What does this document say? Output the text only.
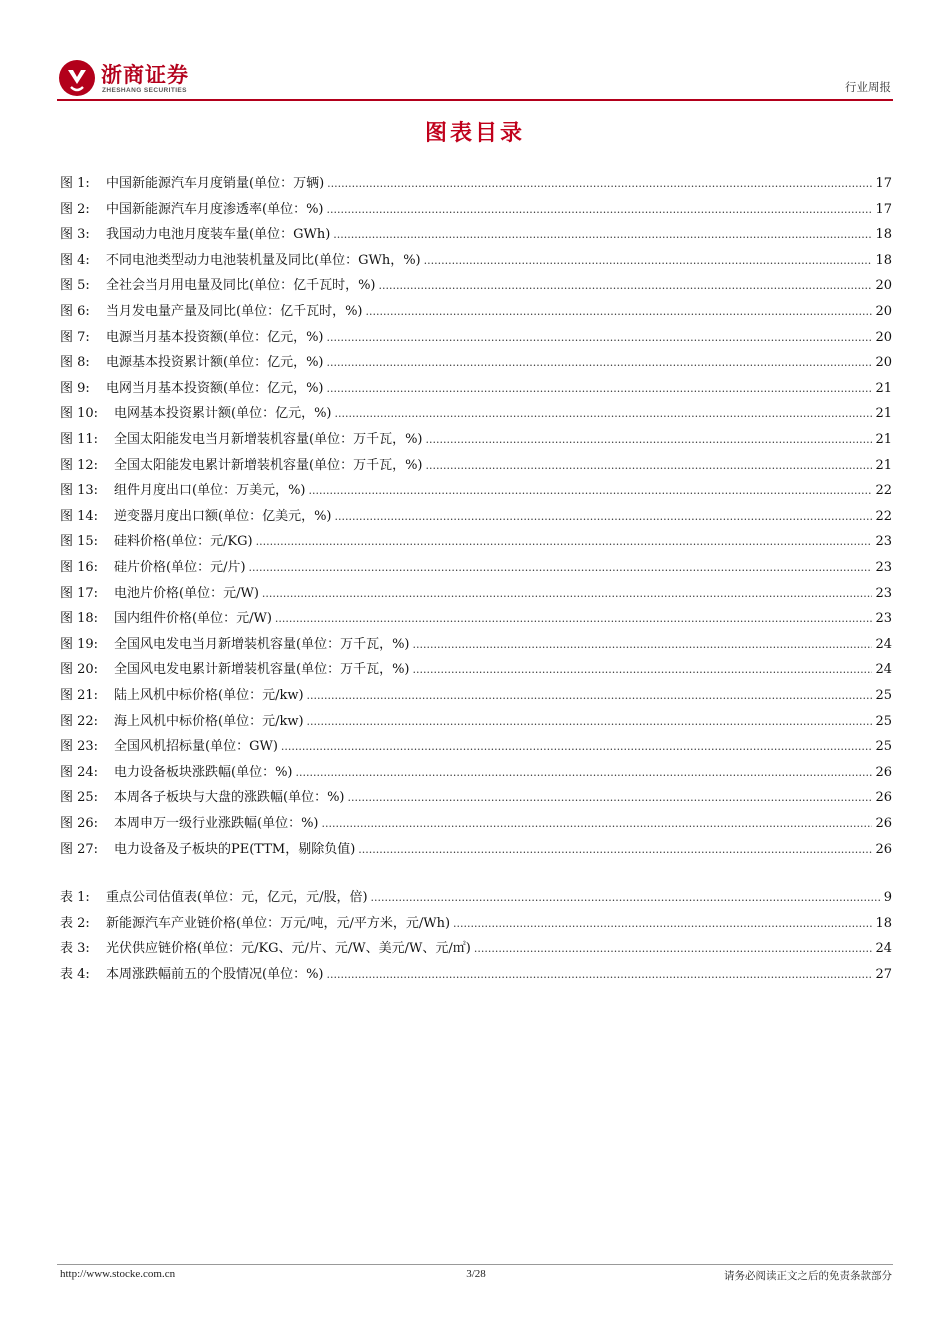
浙商证券
ZHESHANG SECURITIES	行业周报
图表目录
图 1:	中国新能源汽车月度销量(单位：万辆) .....	17
图 2:	中国新能源汽车月度渗透率(单位：%) .....	17
图 3:	我国动力电池月度装车量(单位：GWh) .....	18
图 4:	不同电池类型动力电池装机量及同比(单位：GWh，%) .....	18
图 5:	全社会当月用电量及同比(单位：亿千瓦时，%) .....	20
图 6:	当月发电量产量及同比(单位：亿千瓦时，%) .....	20
图 7:	电源当月基本投资额(单位：亿元，%) .....	20
图 8:	电源基本投资累计额(单位：亿元，%) .....	20
图 9:	电网当月基本投资额(单位：亿元，%) .....	21
图 10:	电网基本投资累计额(单位：亿元，%) .....	21
图 11:	全国太阳能发电当月新增装机容量(单位：万千瓦，%) .....	21
图 12:	全国太阳能发电累计新增装机容量(单位：万千瓦，%) .....	21
图 13:	组件月度出口(单位：万美元，%) .....	22
图 14:	逆变器月度出口额(单位：亿美元，%) .....	22
图 15:	硅料价格(单位：元/KG) .....	23
图 16:	硅片价格(单位：元/片) .....	23
图 17:	电池片价格(单位：元/W) .....	23
图 18:	国内组件价格(单位：元/W) .....	23
图 19:	全国风电发电当月新增装机容量(单位：万千瓦，%) .....	24
图 20:	全国风电发电累计新增装机容量(单位：万千瓦，%) .....	24
图 21:	陆上风机中标价格(单位：元/kw) .....	25
图 22:	海上风机中标价格(单位：元/kw) .....	25
图 23:	全国风机招标量(单位：GW) .....	25
图 24:	电力设备板块涨跌幅(单位：%) .....	26
图 25:	本周各子板块与大盘的涨跌幅(单位：%) .....	26
图 26:	本周申万一级行业涨跌幅(单位：%) .....	26
图 27:	电力设备及子板块的PE(TTM，剔除负值) .....	26
表 1:	重点公司估值表(单位：元，亿元，元/股，倍) .....	9
表 2:	新能源汽车产业链价格(单位：万元/吨，元/平方米，元/Wh) .....	18
表 3:	光伏供应链价格(单位：元/KG、元/片、元/W、美元/W、元/㎡) .....	24
表 4:	本周涨跌幅前五的个股情况(单位：%) .....	27
http://www.stocke.com.cn	3/28	请务必阅读正文之后的免责条款部分
